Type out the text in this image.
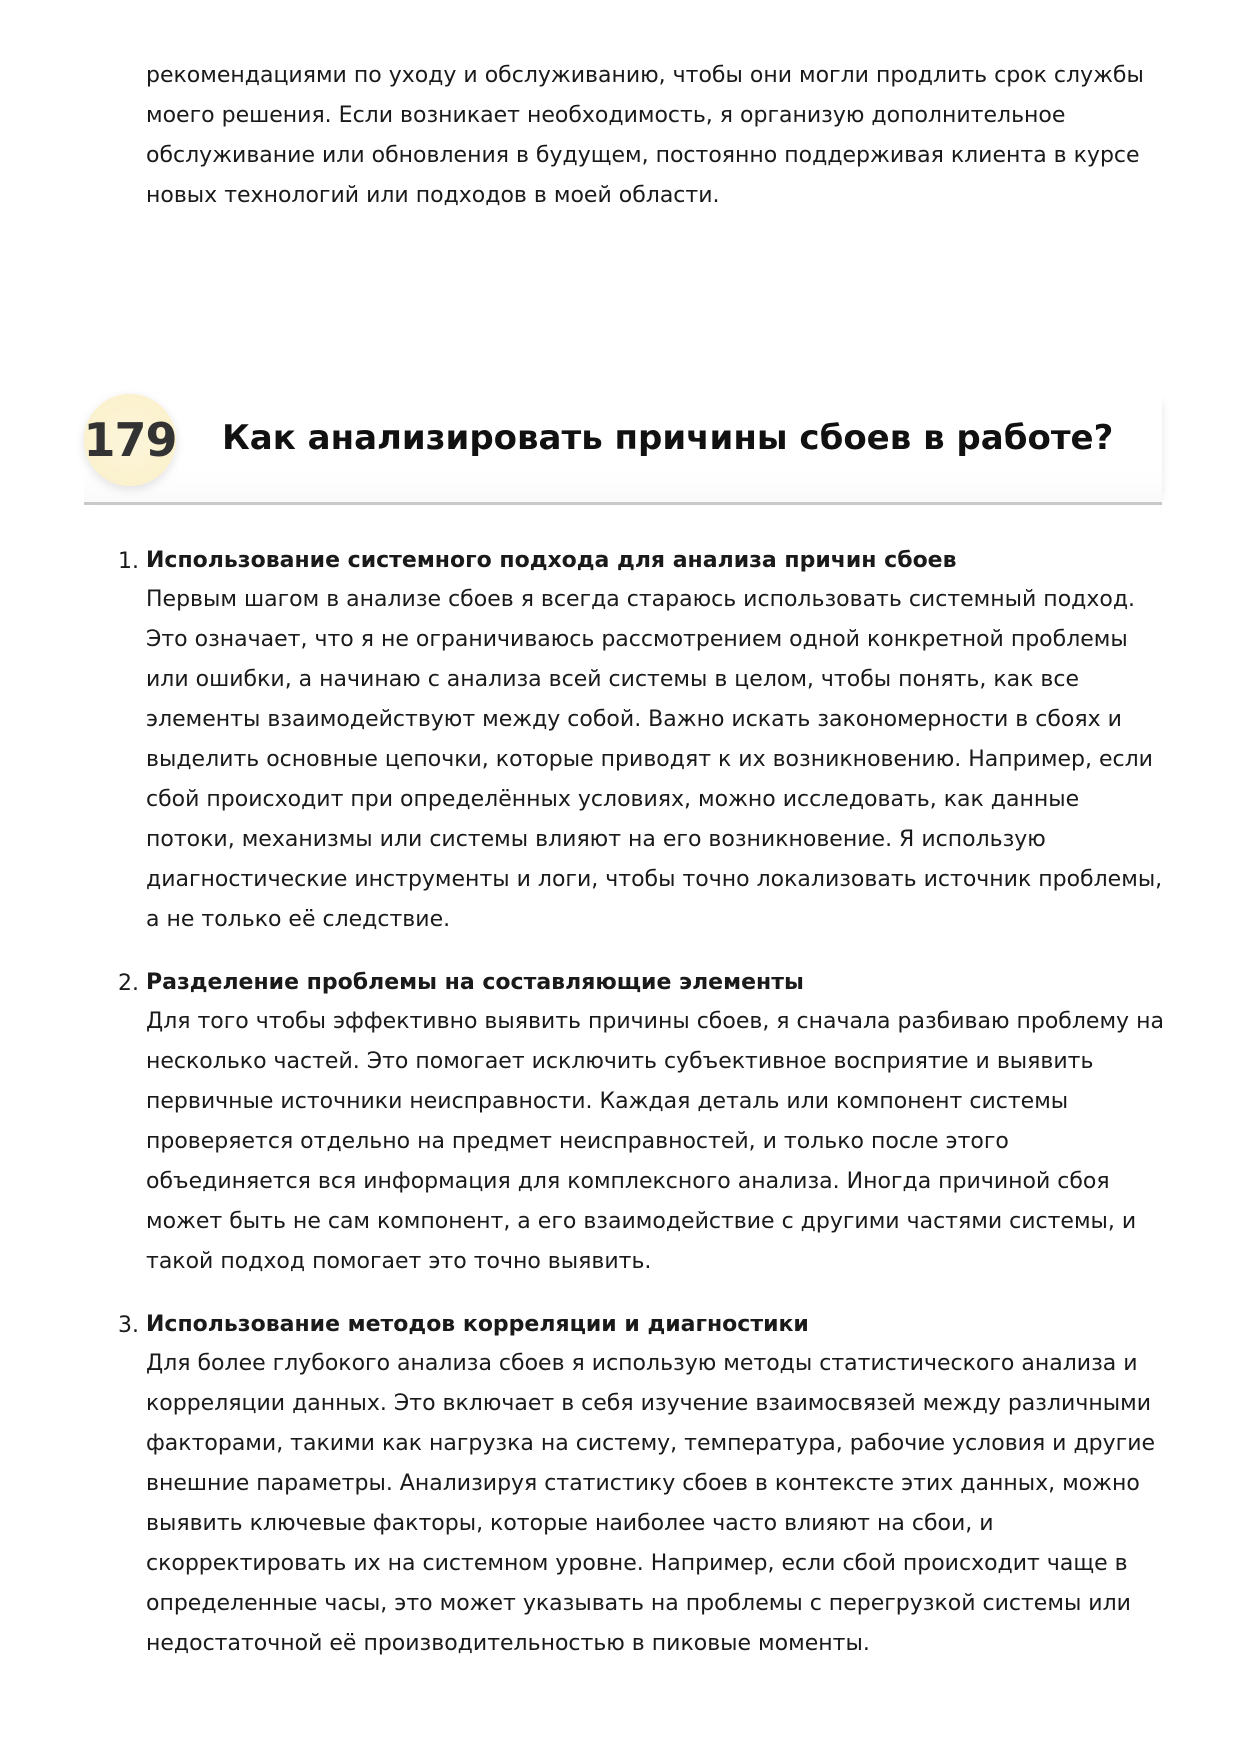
рекомендациями по уходу и обслуживанию, чтобы они могли продлить срок службы моего решения. Если возникает необходимость, я организую дополнительное обслуживание или обновления в будущем, постоянно поддерживая клиента в курсе новых технологий или подходов в моей области.
179 Как анализировать причины сбоев в работе?
1. Использование системного подхода для анализа причин сбоев
Первым шагом в анализе сбоев я всегда стараюсь использовать системный подход. Это означает, что я не ограничиваюсь рассмотрением одной конкретной проблемы или ошибки, а начинаю с анализа всей системы в целом, чтобы понять, как все элементы взаимодействуют между собой. Важно искать закономерности в сбоях и выделить основные цепочки, которые приводят к их возникновению. Например, если сбой происходит при определённых условиях, можно исследовать, как данные потоки, механизмы или системы влияют на его возникновение. Я использую диагностические инструменты и логи, чтобы точно локализовать источник проблемы, а не только её следствие.
2. Разделение проблемы на составляющие элементы
Для того чтобы эффективно выявить причины сбоев, я сначала разбиваю проблему на несколько частей. Это помогает исключить субъективное восприятие и выявить первичные источники неисправности. Каждая деталь или компонент системы проверяется отдельно на предмет неисправностей, и только после этого объединяется вся информация для комплексного анализа. Иногда причиной сбоя может быть не сам компонент, а его взаимодействие с другими частями системы, и такой подход помогает это точно выявить.
3. Использование методов корреляции и диагностики
Для более глубокого анализа сбоев я использую методы статистического анализа и корреляции данных. Это включает в себя изучение взаимосвязей между различными факторами, такими как нагрузка на систему, температура, рабочие условия и другие внешние параметры. Анализируя статистику сбоев в контексте этих данных, можно выявить ключевые факторы, которые наиболее часто влияют на сбои, и скорректировать их на системном уровне. Например, если сбой происходит чаще в определенные часы, это может указывать на проблемы с перегрузкой системы или недостаточной её производительностью в пиковые моменты.
